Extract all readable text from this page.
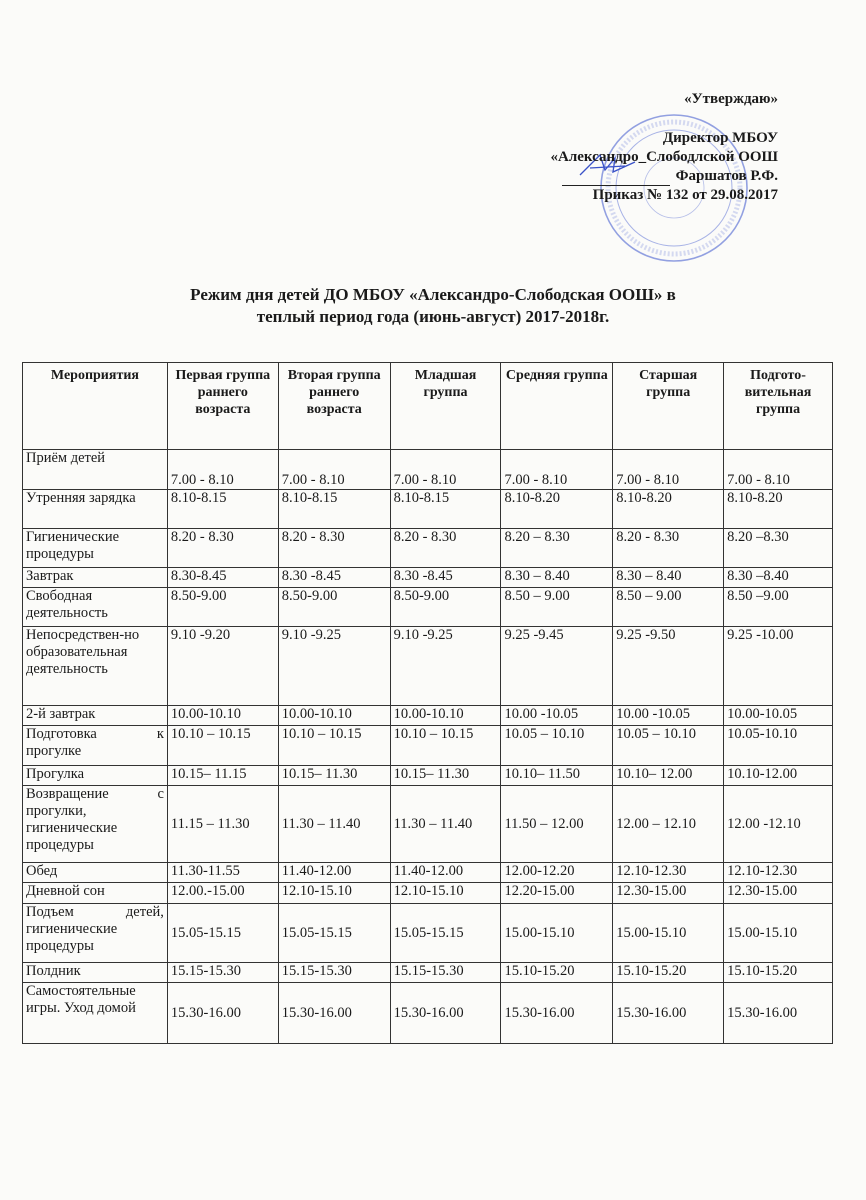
«Утверждаю»
Директор МБОУ
«Александро_Слободлской ООШ
Фаршатов Р.Ф.
Приказ № 132 от 29.08.2017
Режим дня детей ДО МБОУ «Александро-Слободская ООШ» в
теплый период года (июнь-август) 2017-2018г.
Мероприятия	Первая группа раннего возраста	Вторая группа раннего возраста	Младшая группа	Средняя группа	Старшая группа	Подгото-вительная группа
Приём детей	7.00 - 8.10	7.00 - 8.10	7.00 - 8.10	7.00 - 8.10	7.00 - 8.10	7.00 - 8.10
Утренняя зарядка	8.10-8.15	8.10-8.15	8.10-8.15	8.10-8.20	8.10-8.20	8.10-8.20
Гигиенические процедуры	8.20 - 8.30	8.20 - 8.30	8.20 - 8.30	8.20 – 8.30	8.20 - 8.30	8.20 –8.30
Завтрак	8.30-8.45	8.30 -8.45	8.30 -8.45	8.30 – 8.40	8.30 – 8.40	8.30 –8.40
Свободная деятельность	8.50-9.00	8.50-9.00	8.50-9.00	8.50 – 9.00	8.50 – 9.00	8.50 –9.00
Непосредствен-но образовательная деятельность	9.10 -9.20	9.10 -9.25	9.10 -9.25	9.25 -9.45	9.25 -9.50	9.25 -10.00
2-й завтрак	10.00-10.10	10.00-10.10	10.00-10.10	10.00 -10.05	10.00 -10.05	10.00-10.05
Подготовка к прогулке	10.10 – 10.15	10.10 – 10.15	10.10 – 10.15	10.05 – 10.10	10.05 – 10.10	10.05-10.10
Прогулка	10.15– 11.15	10.15– 11.30	10.15– 11.30	10.10– 11.50	10.10– 12.00	10.10-12.00
Возвращение с прогулки, гигиенические процедуры	11.15 – 11.30	11.30 – 11.40	11.30 – 11.40	11.50 – 12.00	12.00 – 12.10	12.00 -12.10
Обед	11.30-11.55	11.40-12.00	11.40-12.00	12.00-12.20	12.10-12.30	12.10-12.30
Дневной сон	12.00.-15.00	12.10-15.10	12.10-15.10	12.20-15.00	12.30-15.00	12.30-15.00
Подъем детей, гигиенические процедуры	15.05-15.15	15.05-15.15	15.05-15.15	15.00-15.10	15.00-15.10	15.00-15.10
Полдник	15.15-15.30	15.15-15.30	15.15-15.30	15.10-15.20	15.10-15.20	15.10-15.20
Самостоятельные игры. Уход домой	15.30-16.00	15.30-16.00	15.30-16.00	15.30-16.00	15.30-16.00	15.30-16.00
